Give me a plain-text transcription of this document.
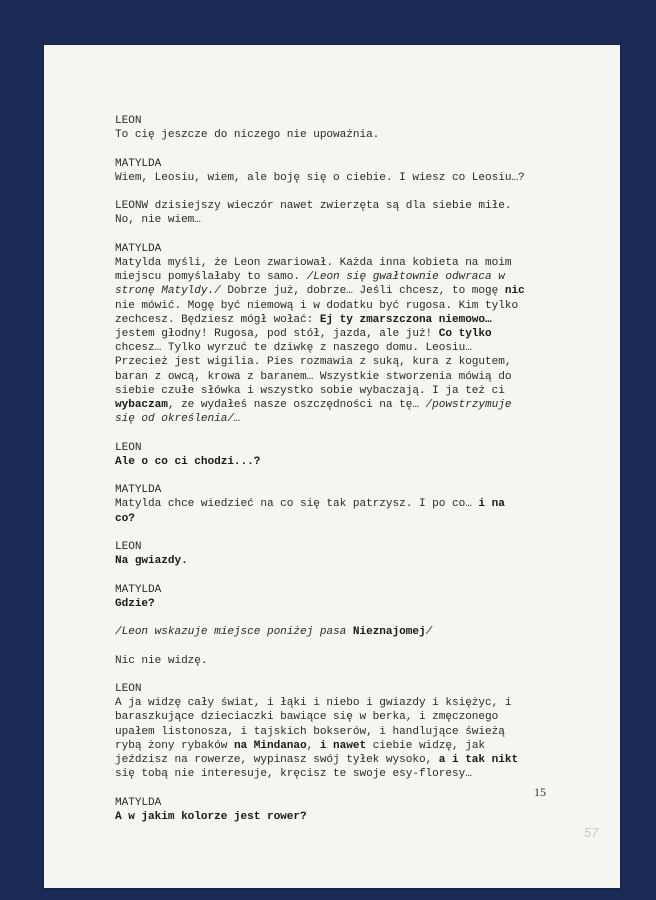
LEON
To cię jeszcze do niczego nie upoważnia.
MATYLDA
Wiem, Leosiu, wiem, ale boję się o ciebie. I wiesz co Leosiu…?
LEONW dzisiejszy wieczór nawet zwierzęta są dla siebie miłe.
No, nie wiem…
MATYLDA
Matylda myśli, że Leon zwariował. Każda inna kobieta na moim
miejscu pomyślałaby to samo. /Leon się gwałtownie odwraca w
stronę Matyldy./ Dobrze już, dobrze… Jeśli chcesz, to mogę nic
nie mówić. Mogę być niemową i w dodatku być rugosa. Kim tylko
zechcesz. Będziesz mógł wołać: Ej ty zmarszczona niemowo…
jestem głodny! Rugosa, pod stół, jazda, ale już! Co tylko
chcesz… Tylko wyrzuć te dziwkę z naszego domu. Leosiu…
Przecież jest wigilia. Pies rozmawia z suką, kura z kogutem,
baran z owcą, krowa z baranem… Wszystkie stworzenia mówią do
siebie czułe słówka i wszystko sobie wybaczają. I ja też ci
wybaczam, ze wydałeś nasze oszczędności na tę… /powstrzymuje
się od określenia/…
LEON
Ale o co ci chodzi...?
MATYLDA
Matylda chce wiedzieć na co się tak patrzysz. I po co… i na
co?
LEON
Na gwiazdy.
MATYLDA
Gdzie?
/Leon wskazuje miejsce poniżej pasa Nieznajomej/
Nic nie widzę.
LEON
A ja widzę cały świat, i łąki i niebo i gwiazdy i księżyc, i
baraszkujące dzieciaczki bawiące się w berka, i zmęczonego
upałem listonosza, i tajskich bokserów, i handlujące świeżą
rybą żony rybaków na Mindanao, i nawet ciebie widzę, jak
jeździsz na rowerze, wypinasz swój tyłek wysoko, a i tak nikt
się tobą nie interesuje, kręcisz te swoje esy-floresy…
MATYLDA
A w jakim kolorze jest rower?
15
57
